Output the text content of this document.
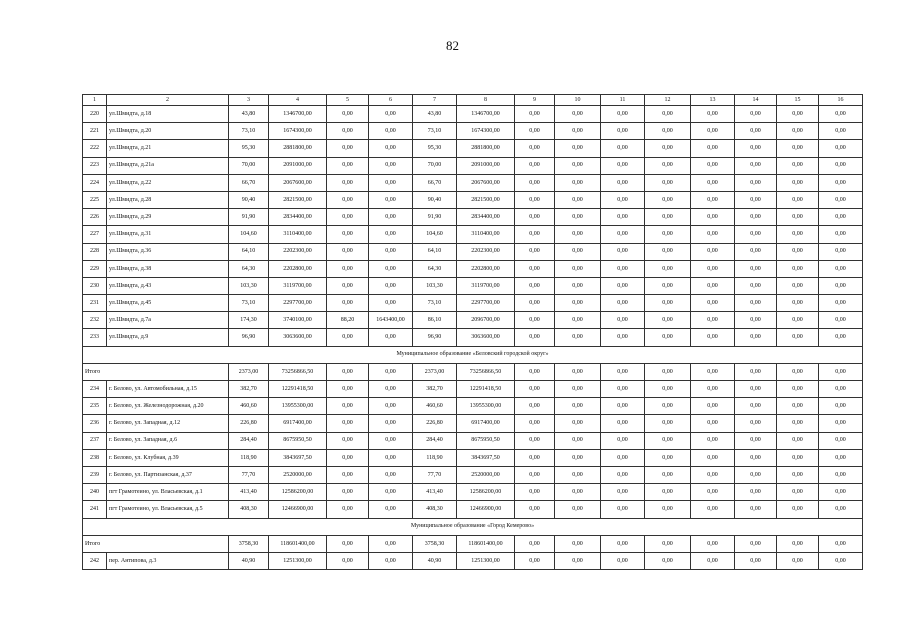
82
1	2	3	4	5	6	7	8	9	10	11	12	13	14	15	16
220	ул.Шмидта, д.18	43,80	1346700,00	0,00	0,00	43,80	1346700,00	0,00	0,00	0,00	0,00	0,00	0,00	0,00	0,00
221	ул.Шмидта, д.20	73,10	1674300,00	0,00	0,00	73,10	1674300,00	0,00	0,00	0,00	0,00	0,00	0,00	0,00	0,00
222	ул.Шмидта, д.21	95,30	2881800,00	0,00	0,00	95,30	2881800,00	0,00	0,00	0,00	0,00	0,00	0,00	0,00	0,00
223	ул.Шмидта, д.21а	70,00	2091000,00	0,00	0,00	70,00	2091000,00	0,00	0,00	0,00	0,00	0,00	0,00	0,00	0,00
224	ул.Шмидта, д.22	66,70	2067600,00	0,00	0,00	66,70	2067600,00	0,00	0,00	0,00	0,00	0,00	0,00	0,00	0,00
225	ул.Шмидта, д.28	90,40	2821500,00	0,00	0,00	90,40	2821500,00	0,00	0,00	0,00	0,00	0,00	0,00	0,00	0,00
226	ул.Шмидта, д.29	91,90	2834400,00	0,00	0,00	91,90	2834400,00	0,00	0,00	0,00	0,00	0,00	0,00	0,00	0,00
227	ул.Шмидта, д.31	104,60	3110400,00	0,00	0,00	104,60	3110400,00	0,00	0,00	0,00	0,00	0,00	0,00	0,00	0,00
228	ул.Шмидта, д.36	64,10	2202300,00	0,00	0,00	64,10	2202300,00	0,00	0,00	0,00	0,00	0,00	0,00	0,00	0,00
229	ул.Шмидта, д.38	64,30	2202800,00	0,00	0,00	64,30	2202800,00	0,00	0,00	0,00	0,00	0,00	0,00	0,00	0,00
230	ул.Шмидта, д.43	103,30	3119700,00	0,00	0,00	103,30	3119700,00	0,00	0,00	0,00	0,00	0,00	0,00	0,00	0,00
231	ул.Шмидта, д.45	73,10	2297700,00	0,00	0,00	73,10	2297700,00	0,00	0,00	0,00	0,00	0,00	0,00	0,00	0,00
232	ул.Шмидта, д.7а	174,30	3740100,00	88,20	1643400,00	86,10	2096700,00	0,00	0,00	0,00	0,00	0,00	0,00	0,00	0,00
233	ул.Шмидта, д.9	96,90	3063600,00	0,00	0,00	96,90	3063600,00	0,00	0,00	0,00	0,00	0,00	0,00	0,00	0,00
Муниципальное образование «Беловский городской округ»															
Итого		2373,00	73256866,50	0,00	0,00	2373,00	73256866,50	0,00	0,00	0,00	0,00	0,00	0,00	0,00	0,00
234	г. Белово, ул. Автомобильная, д.15	382,70	12291418,50	0,00	0,00	382,70	12291418,50	0,00	0,00	0,00	0,00	0,00	0,00	0,00	0,00
235	г. Белово, ул. Железнодорожная, д.20	460,60	13955300,00	0,00	0,00	460,60	13955300,00	0,00	0,00	0,00	0,00	0,00	0,00	0,00	0,00
236	г. Белово, ул. Западная, д.12	226,80	6917400,00	0,00	0,00	226,80	6917400,00	0,00	0,00	0,00	0,00	0,00	0,00	0,00	0,00
237	г. Белово, ул. Западная, д.6	284,40	8675950,50	0,00	0,00	284,40	8675950,50	0,00	0,00	0,00	0,00	0,00	0,00	0,00	0,00
238	г. Белово, ул. Клубная, д.39	118,90	3843697,50	0,00	0,00	118,90	3843697,50	0,00	0,00	0,00	0,00	0,00	0,00	0,00	0,00
239	г. Белово, ул. Партизанская, д.37	77,70	2520000,00	0,00	0,00	77,70	2520000,00	0,00	0,00	0,00	0,00	0,00	0,00	0,00	0,00
240	пгт Грамотеино, ул. Власьевская, д.1	413,40	12586200,00	0,00	0,00	413,40	12586200,00	0,00	0,00	0,00	0,00	0,00	0,00	0,00	0,00
241	пгт Грамотеино, ул. Власьевская, д.5	408,30	12466900,00	0,00	0,00	408,30	12466900,00	0,00	0,00	0,00	0,00	0,00	0,00	0,00	0,00
Муниципальное образование «Город Кемерово»															
Итого		3758,30	118601400,00	0,00	0,00	3758,30	118601400,00	0,00	0,00	0,00	0,00	0,00	0,00	0,00	0,00
242	пер. Антипова, д.3	40,90	1251300,00	0,00	0,00	40,90	1251300,00	0,00	0,00	0,00	0,00	0,00	0,00	0,00	0,00
